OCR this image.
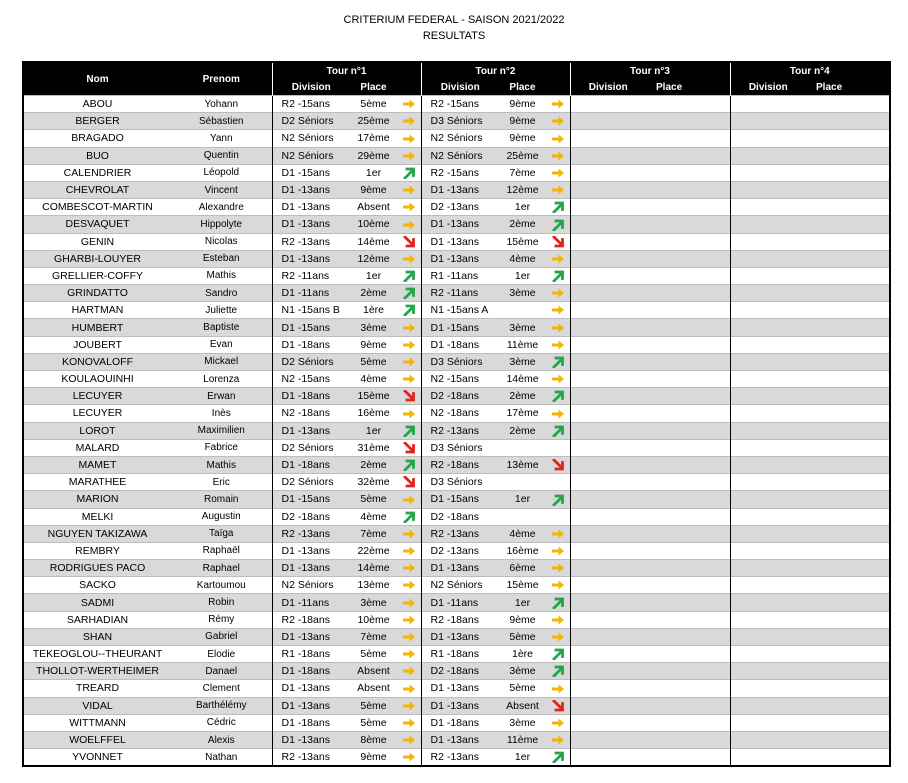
CRITERIUM FEDERAL - SAISON 2021/2022
RESULTATS
Nom	Prenom	Tour n°1			Tour n°2			Tour n°3		Tour n°4	
		Division	Place		Division	Place		Division	Place	Division	Place
ABOU	Yohann	R2 -15ans	5ème		R2 -15ans	9ème	

BERGER	Sébastien	D2 Séniors	25ème		D3 Séniors	9ème	

BRAGADO	Yann	N2 Séniors	17ème		N2 Séniors	9ème	

BUO	Quentin	N2 Séniors	29ème		N2 Séniors	25ème	

CALENDRIER	Léopold	D1 -15ans	1er		R2 -15ans	7ème	

CHEVROLAT	Vincent	D1 -13ans	9ème		D1 -13ans	12ème	

COMBESCOT-MARTIN	Alexandre	D1 -13ans	Absent		D2 -13ans	1er	

DESVAQUET	Hippolyte	D1 -13ans	10ème		D1 -13ans	2ème	

GENIN	Nicolas	R2 -13ans	14ème		D1 -13ans	15ème	

GHARBI-LOUYER	Esteban	D1 -13ans	12ème		D1 -13ans	4ème	

GRELLIER-COFFY	Mathis	R2 -11ans	1er		R1 -11ans	1er	

GRINDATTO	Sandro	D1 -11ans	2ème		R2 -11ans	3ème	

HARTMAN	Juliette	N1 -15ans B	1ère		N1 -15ans A		

HUMBERT	Baptiste	D1 -15ans	3ème		D1 -15ans	3ème	

JOUBERT	Evan	D1 -18ans	9ème		D1 -18ans	11ème	

KONOVALOFF	Mickael	D2 Séniors	5ème		D3 Séniors	3ème	

KOULAOUINHI	Lorenza	N2 -15ans	4ème		N2 -15ans	14ème	

LECUYER	Erwan	D1 -18ans	15ème		D2 -18ans	2ème	

LECUYER	Inès	N2 -18ans	16ème		N2 -18ans	17ème	

LOROT	Maximilien	D1 -13ans	1er		R2 -13ans	2ème	

MALARD	Fabrice	D2 Séniors	31ème		D3 Séniors						
MAMET	Mathis	D1 -18ans	2ème		R2 -18ans	13ème	

MARATHEE	Eric	D2 Séniors	32ème		D3 Séniors						
MARION	Romain	D1 -15ans	5ème		D1 -15ans	1er	

MELKI	Augustin	D2 -18ans	4ème		D2 -18ans						
NGUYEN TAKIZAWA	Taïga	R2 -13ans	7ème		R2 -13ans	4ème	

REMBRY	Raphaël	D1 -13ans	22ème		D2 -13ans	16ème	

RODRIGUES PACO	Raphael	D1 -13ans	14ème		D1 -13ans	6ème	

SACKO	Kartoumou	N2 Séniors	13ème		N2 Séniors	15ème	

SADMI	Robin	D1 -11ans	3ème		D1 -11ans	1er	

SARHADIAN	Rémy	R2 -18ans	10ème		R2 -18ans	9ème	

SHAN	Gabriel	D1 -13ans	7ème		D1 -13ans	5ème	

TEKEOGLOU--THEURANT	Elodie	R1 -18ans	5ème		R1 -18ans	1ère	

THOLLOT-WERTHEIMER	Danael	D1 -18ans	Absent		D2 -18ans	3ème	

TREARD	Clement	D1 -13ans	Absent		D1 -13ans	5ème	

VIDAL	Barthélémy	D1 -13ans	5ème		D1 -13ans	Absent	

WITTMANN	Cédric	D1 -18ans	5ème		D1 -18ans	3ème	

WOELFFEL	Alexis	D1 -13ans	8ème		D1 -13ans	11ème	

YVONNET	Nathan	R2 -13ans	9ème		R2 -13ans	1er	
